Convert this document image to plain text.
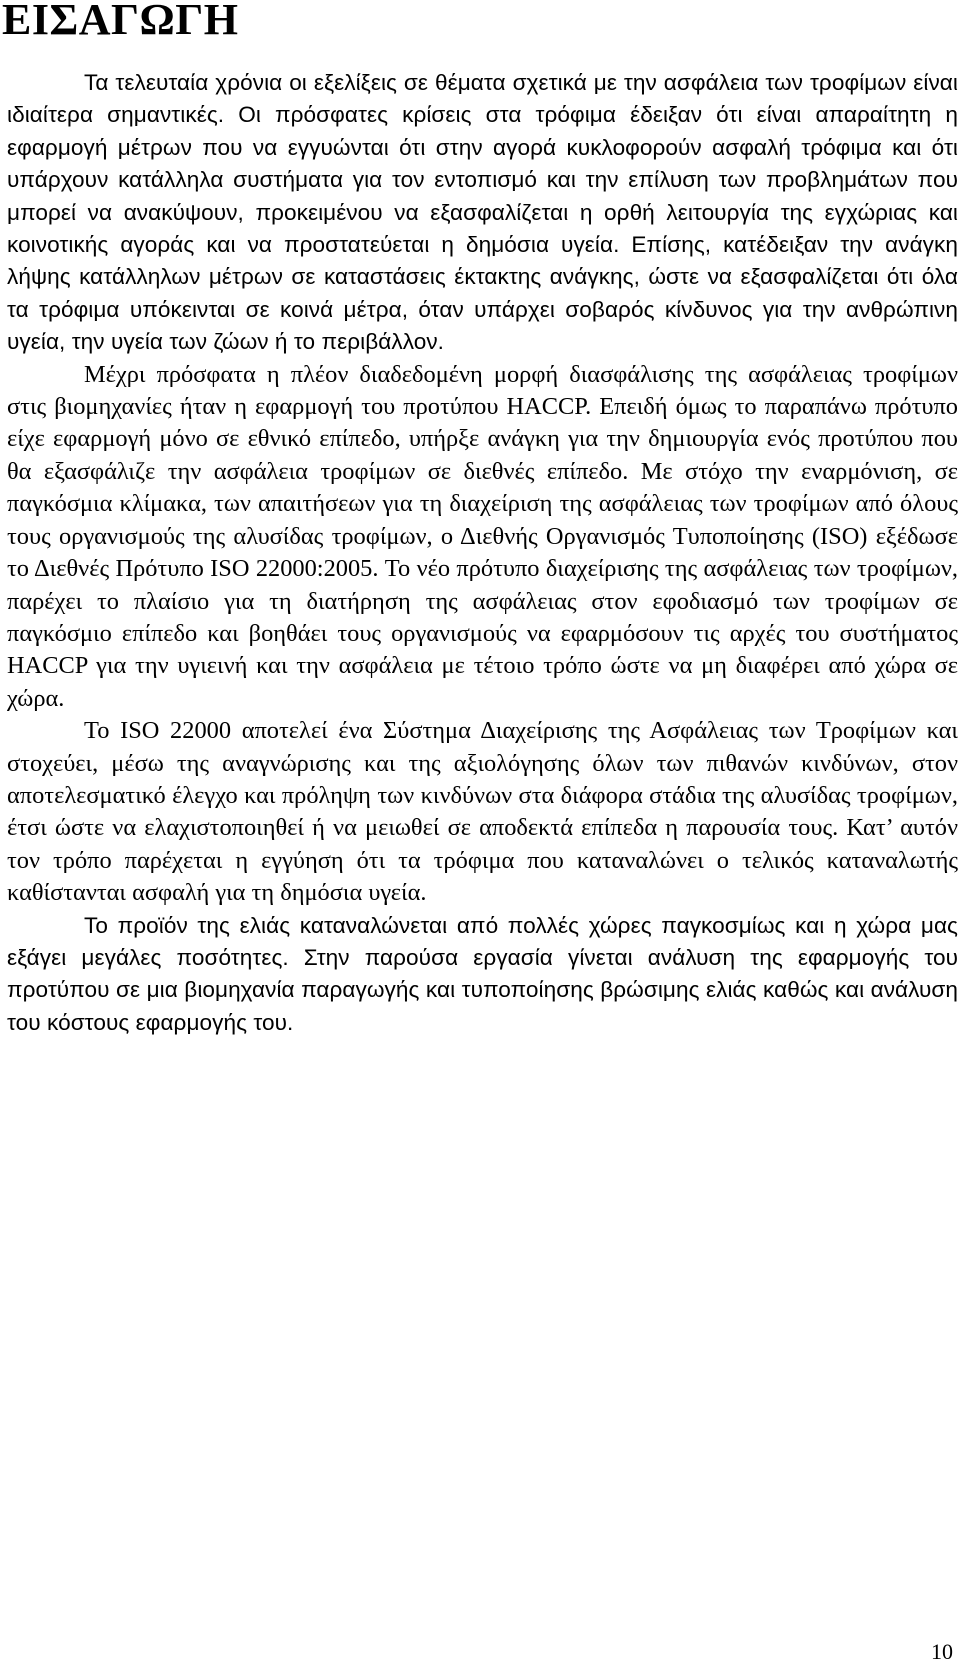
ΕΙΣΑΓΩΓΗ

Τα τελευταία χρόνια οι εξελίξεις σε θέματα σχετικά με την ασφάλεια των τροφίμων είναι ιδιαίτερα σημαντικές. Οι πρόσφατες κρίσεις στα τρόφιμα έδειξαν ότι είναι απαραίτητη η εφαρμογή μέτρων που να εγγυώνται ότι στην αγορά κυκλοφορούν ασφαλή τρόφιμα και ότι υπάρχουν κατάλληλα συστήματα για τον εντοπισμό και την επίλυση των προβλημάτων που μπορεί να ανακύψουν, προκειμένου να εξασφαλίζεται η ορθή λειτουργία της εγχώριας και κοινοτικής αγοράς και να προστατεύεται η δημόσια υγεία. Επίσης, κατέδειξαν την ανάγκη λήψης κατάλληλων μέτρων σε καταστάσεις έκτακτης ανάγκης, ώστε να εξασφαλίζεται ότι όλα τα τρόφιμα υπόκεινται σε κοινά μέτρα, όταν υπάρχει σοβαρός κίνδυνος για την ανθρώπινη υγεία, την υγεία των ζώων ή το περιβάλλον.

Μέχρι πρόσφατα η πλέον διαδεδομένη μορφή διασφάλισης της ασφάλειας τροφίμων στις βιομηχανίες ήταν η εφαρμογή του προτύπου HACCP. Επειδή όμως το παραπάνω πρότυπο είχε εφαρμογή μόνο σε εθνικό επίπεδο, υπήρξε ανάγκη για την δημιουργία ενός προτύπου που θα εξασφάλιζε την ασφάλεια τροφίμων σε διεθνές επίπεδο. Με στόχο την εναρμόνιση, σε παγκόσμια κλίμακα, των απαιτήσεων για τη διαχείριση της ασφάλειας των τροφίμων από όλους τους οργανισμούς της αλυσίδας τροφίμων, ο Διεθνής Οργανισμός Τυποποίησης (ISO) εξέδωσε το Διεθνές Πρότυπο ISO 22000:2005. Το νέο πρότυπο διαχείρισης της ασφάλειας των τροφίμων, παρέχει το πλαίσιο για τη διατήρηση της ασφάλειας στον εφοδιασμό των τροφίμων σε παγκόσμιο επίπεδο και βοηθάει τους οργανισμούς να εφαρμόσουν τις αρχές του συστήματος HACCP για την υγιεινή και την ασφάλεια με τέτοιο τρόπο ώστε να μη διαφέρει από χώρα σε χώρα.

Το ISO 22000 αποτελεί ένα Σύστημα Διαχείρισης της Ασφάλειας των Τροφίμων και στοχεύει, μέσω της αναγνώρισης και της αξιολόγησης όλων των πιθανών κινδύνων, στον αποτελεσματικό έλεγχο και πρόληψη των κινδύνων στα διάφορα στάδια της αλυσίδας τροφίμων, έτσι ώστε να ελαχιστοποιηθεί ή να μειωθεί σε αποδεκτά επίπεδα η παρουσία τους. Κατ’ αυτόν τον τρόπο παρέχεται η εγγύηση ότι τα τρόφιμα που καταναλώνει ο τελικός καταναλωτής καθίστανται ασφαλή για τη δημόσια υγεία.

Το προϊόν της ελιάς καταναλώνεται από πολλές χώρες παγκοσμίως και η χώρα μας εξάγει μεγάλες ποσότητες. Στην παρούσα εργασία γίνεται ανάλυση της εφαρμογής του προτύπου σε μια βιομηχανία παραγωγής και τυποποίησης βρώσιμης ελιάς καθώς και ανάλυση του κόστους εφαρμογής του.

10
